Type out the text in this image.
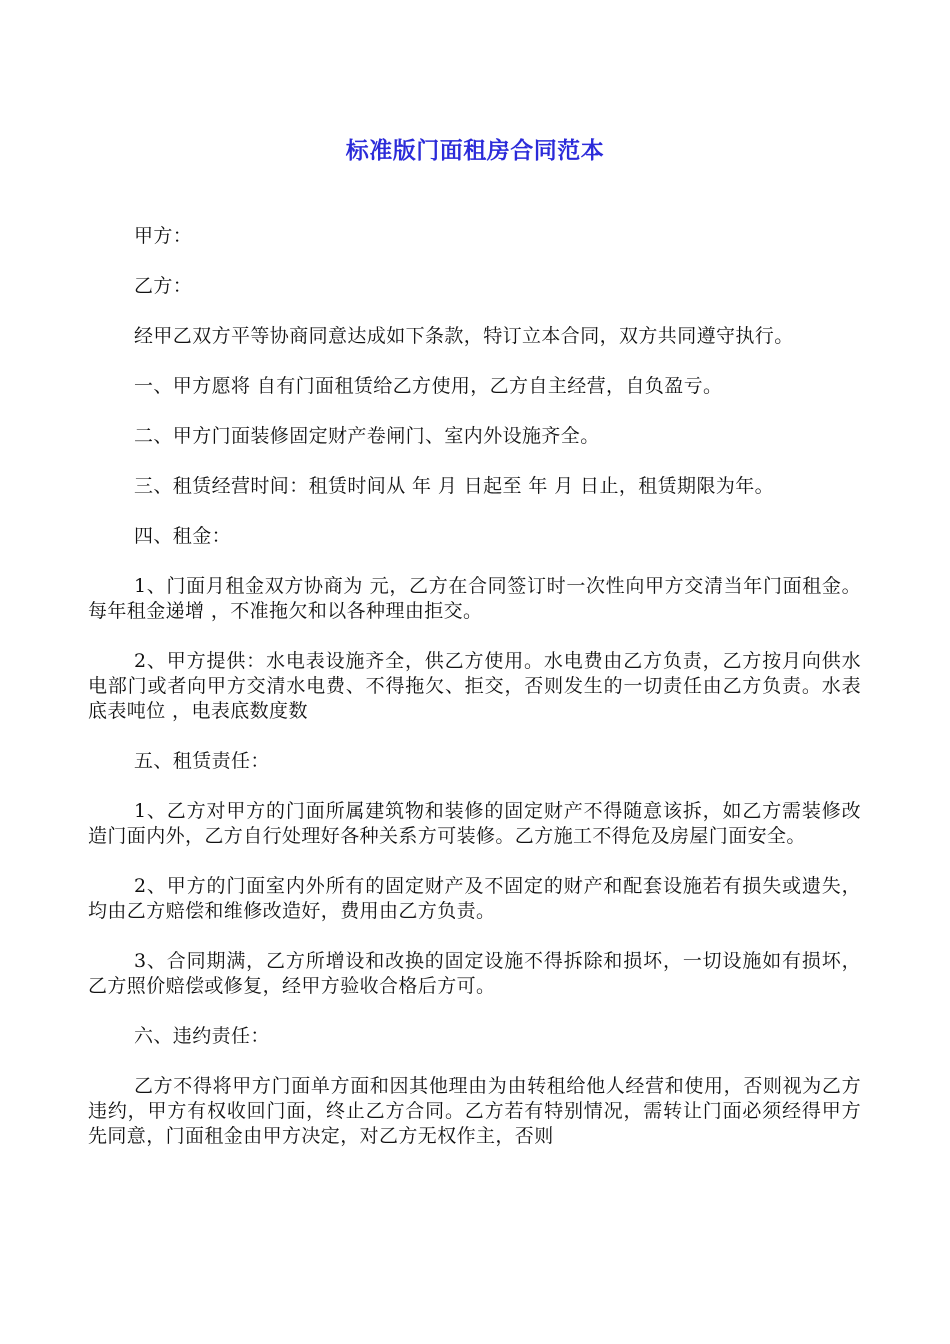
标准版门面租房合同范本

甲方：

乙方：

经甲乙双方平等协商同意达成如下条款，特订立本合同，双方共同遵守执行。

一、甲方愿将 自有门面租赁给乙方使用，乙方自主经营，自负盈亏。

二、甲方门面装修固定财产卷闸门、室内外设施齐全。

三、租赁经营时间：租赁时间从 年 月 日起至 年 月 日止，租赁期限为年。

四、租金：

1、门面月租金双方协商为 元，乙方在合同签订时一次性向甲方交清当年门面租金。每年租金递增 ，不准拖欠和以各种理由拒交。

2、甲方提供：水电表设施齐全，供乙方使用。水电费由乙方负责，乙方按月向供水电部门或者向甲方交清水电费、不得拖欠、拒交，否则发生的一切责任由乙方负责。水表底表吨位 ，电表底数度数

五、租赁责任：

1、乙方对甲方的门面所属建筑物和装修的固定财产不得随意该拆，如乙方需装修改造门面内外，乙方自行处理好各种关系方可装修。乙方施工不得危及房屋门面安全。

2、甲方的门面室内外所有的固定财产及不固定的财产和配套设施若有损失或遗失，均由乙方赔偿和维修改造好，费用由乙方负责。

3、合同期满，乙方所增设和改换的固定设施不得拆除和损坏，一切设施如有损坏，乙方照价赔偿或修复，经甲方验收合格后方可。

六、违约责任：

乙方不得将甲方门面单方面和因其他理由为由转租给他人经营和使用，否则视为乙方违约，甲方有权收回门面，终止乙方合同。乙方若有特别情况，需转让门面必须经得甲方先同意，门面租金由甲方决定，对乙方无权作主，否则
